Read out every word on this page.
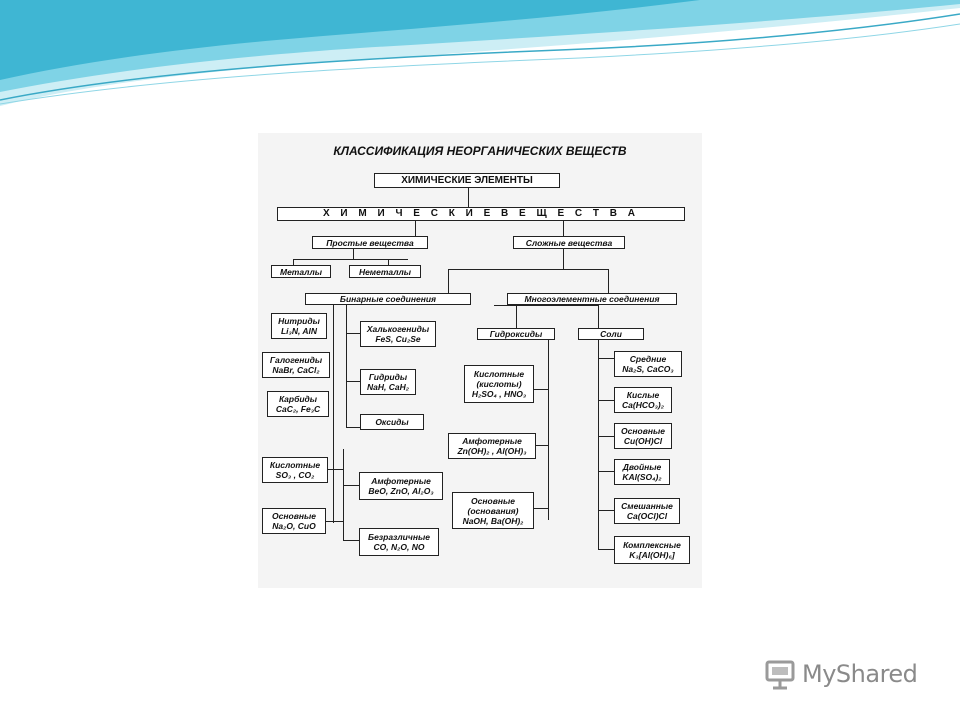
КЛАССИФИКАЦИЯ НЕОРГАНИЧЕСКИХ ВЕЩЕСТВ
ХИМИЧЕСКИЕ ЭЛЕМЕНТЫ
Х И М И Ч Е С К И Е В Е Щ Е С Т В А
Простые вещества	Сложные вещества
Металлы	Неметаллы
Бинарные соединения	Многоэлементные соединения
Нитриды
Li₃N, AlN
Галогениды
NaBr, CaCl₂
Карбиды
CaC₂, Fe₃C
Халькогениды
FeS, Cu₂Se
Гидриды
NaH, CaH₂
Оксиды
Кислотные
SO₃ , CO₂
Основные
Na₂O, CuO
Амфотерные
BeO, ZnO, Al₂O₃
Безразличные
CO, N₂O, NO
Гидроксиды
Кислотные
(кислоты)
H₂SO₄ , HNO₃
Амфотерные
Zn(OH)₂ , Al(OH)₃
Основные
(основания)
NaOH, Ba(OH)₂
Соли
Средние
Na₂S, CaCO₃
Кислые
Ca(HCO₃)₂
Основные
Cu(OH)Cl
Двойные
KAl(SO₄)₂
Смешанные
Ca(OCl)Cl
Комплексные
K₃[Al(OH)₆]
MyShared
